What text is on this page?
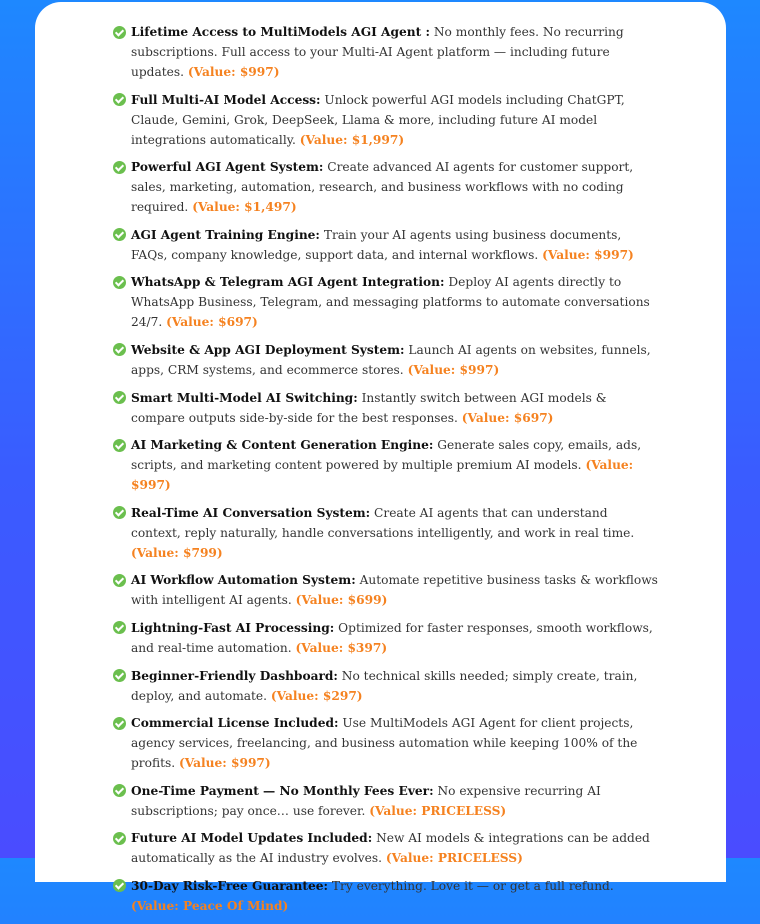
Lifetime Access to MultiModels AGI Agent : No monthly fees. No recurring subscriptions. Full access to your Multi-AI Agent platform — including future updates. (Value: $997)
Full Multi-AI Model Access: Unlock powerful AGI models including ChatGPT, Claude, Gemini, Grok, DeepSeek, Llama & more, including future AI model integrations automatically. (Value: $1,997)
Powerful AGI Agent System: Create advanced AI agents for customer support, sales, marketing, automation, research, and business workflows with no coding required. (Value: $1,497)
AGI Agent Training Engine: Train your AI agents using business documents, FAQs, company knowledge, support data, and internal workflows. (Value: $997)
WhatsApp & Telegram AGI Agent Integration: Deploy AI agents directly to WhatsApp Business, Telegram, and messaging platforms to automate conversations 24/7. (Value: $697)
Website & App AGI Deployment System: Launch AI agents on websites, funnels, apps, CRM systems, and ecommerce stores. (Value: $997)
Smart Multi-Model AI Switching: Instantly switch between AGI models & compare outputs side-by-side for the best responses. (Value: $697)
AI Marketing & Content Generation Engine: Generate sales copy, emails, ads, scripts, and marketing content powered by multiple premium AI models. (Value: $997)
Real-Time AI Conversation System: Create AI agents that can understand context, reply naturally, handle conversations intelligently, and work in real time. (Value: $799)
AI Workflow Automation System: Automate repetitive business tasks & workflows with intelligent AI agents. (Value: $699)
Lightning-Fast AI Processing: Optimized for faster responses, smooth workflows, and real-time automation. (Value: $397)
Beginner-Friendly Dashboard: No technical skills needed; simply create, train, deploy, and automate. (Value: $297)
Commercial License Included: Use MultiModels AGI Agent for client projects, agency services, freelancing, and business automation while keeping 100% of the profits. (Value: $997)
One-Time Payment — No Monthly Fees Ever: No expensive recurring AI subscriptions; pay once… use forever. (Value: PRICELESS)
Future AI Model Updates Included: New AI models & integrations can be added automatically as the AI industry evolves. (Value: PRICELESS)
30-Day Risk-Free Guarantee: Try everything. Love it — or get a full refund. (Value: Peace Of Mind)
